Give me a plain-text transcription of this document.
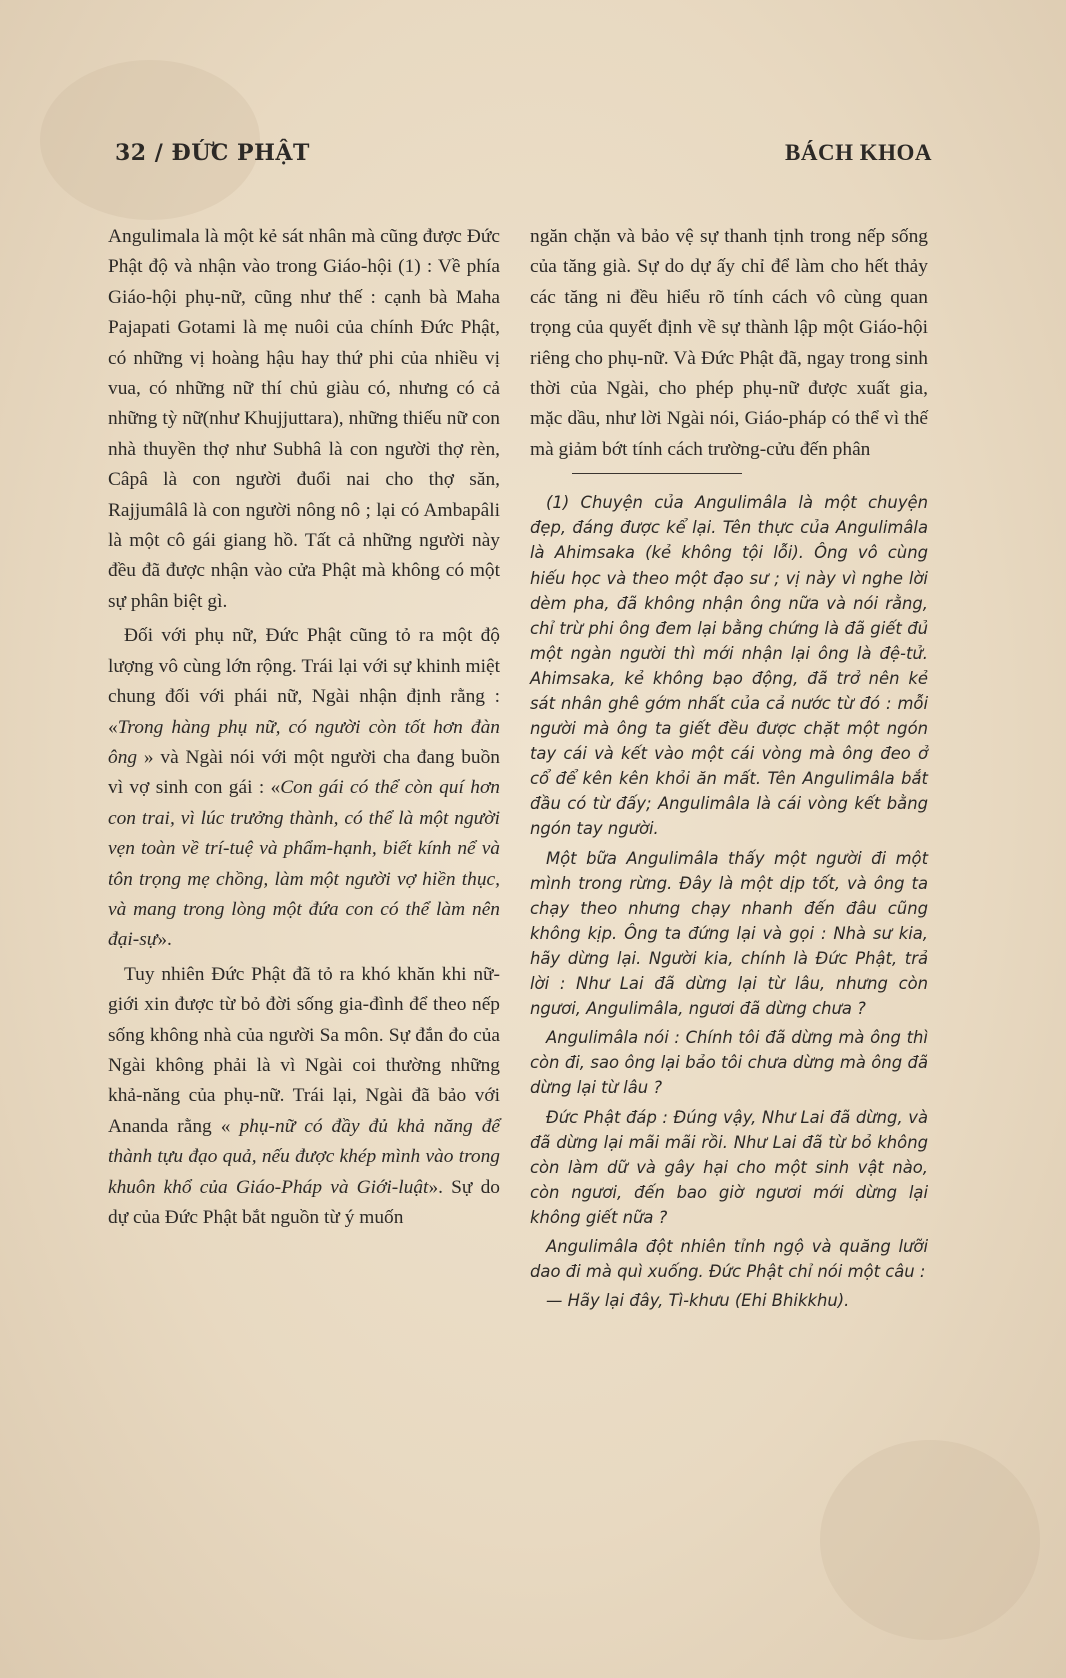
32 / ĐỨC PHẬT	BÁCH KHOA

Angulimala là một kẻ sát nhân mà cũng được Đức Phật độ và nhận vào trong Giáo-hội (1) : Về phía Giáo-hội phụ-nữ, cũng như thế : cạnh bà Maha Pajapati Gotami là mẹ nuôi của chính Đức Phật, có những vị hoàng hậu hay thứ phi của nhiều vị vua, có những nữ thí chủ giàu có, nhưng có cả những tỳ nữ(như Khujjuttara), những thiếu nữ con nhà thuyền thợ như Subhâ là con người thợ rèn, Câpâ là con người đuổi nai cho thợ săn, Rajjumâlâ là con người nông nô ; lại có Ambapâli là một cô gái giang hồ. Tất cả những người này đều đã được nhận vào cửa Phật mà không có một sự phân biệt gì.

Đối với phụ nữ, Đức Phật cũng tỏ ra một độ lượng vô cùng lớn rộng. Trái lại với sự khinh miệt chung đối với phái nữ, Ngài nhận định rằng : «Trong hàng phụ nữ, có người còn tốt hơn đàn ông » và Ngài nói với một người cha đang buồn vì vợ sinh con gái : «Con gái có thể còn quí hơn con trai, vì lúc trưởng thành, có thể là một người vẹn toàn về trí-tuệ và phẩm-hạnh, biết kính nể và tôn trọng mẹ chồng, làm một người vợ hiền thục, và mang trong lòng một đứa con có thể làm nên đại-sự».

Tuy nhiên Đức Phật đã tỏ ra khó khăn khi nữ-giới xin được từ bỏ đời sống gia-đình để theo nếp sống không nhà của người Sa môn. Sự đắn đo của Ngài không phải là vì Ngài coi thường những khả-năng của phụ-nữ. Trái lại, Ngài đã bảo với Ananda rằng « phụ-nữ có đầy đủ khả năng để thành tựu đạo quả, nếu được khép mình vào trong khuôn khổ của Giáo-Pháp và Giới-luật». Sự do dự của Đức Phật bắt nguồn từ ý muốn

ngăn chặn và bảo vệ sự thanh tịnh trong nếp sống của tăng già. Sự do dự ấy chỉ để làm cho hết thảy các tăng ni đều hiểu rõ tính cách vô cùng quan trọng của quyết định về sự thành lập một Giáo-hội riêng cho phụ-nữ. Và Đức Phật đã, ngay trong sinh thời của Ngài, cho phép phụ-nữ được xuất gia, mặc dầu, như lời Ngài nói, Giáo-pháp có thể vì thế mà giảm bớt tính cách trường-cửu đến phân

(1) Chuyện của Angulimâla là một chuyện đẹp, đáng được kể lại. Tên thực của Angulimâla là Ahimsaka (kẻ không tội lỗi). Ông vô cùng hiếu học và theo một đạo sư ; vị này vì nghe lời dèm pha, đã không nhận ông nữa và nói rằng, chỉ trừ phi ông đem lại bằng chứng là đã giết đủ một ngàn người thì mới nhận lại ông là đệ-tử. Ahimsaka, kẻ không bạo động, đã trở nên kẻ sát nhân ghê gớm nhất của cả nước từ đó : mỗi người mà ông ta giết đều được chặt một ngón tay cái và kết vào một cái vòng mà ông đeo ở cổ để kên kên khỏi ăn mất. Tên Angulimâla bắt đầu có từ đấy; Angulimâla là cái vòng kết bằng ngón tay người.

Một bữa Angulimâla thấy một người đi một mình trong rừng. Đây là một dịp tốt, và ông ta chạy theo nhưng chạy nhanh đến đâu cũng không kịp. Ông ta đứng lại và gọi : Nhà sư kia, hãy dừng lại. Người kia, chính là Đức Phật, trả lời : Như Lai đã dừng lại từ lâu, nhưng còn ngươi, Angulimâla, ngươi đã dừng chưa ?

Angulimâla nói : Chính tôi đã dừng mà ông thì còn đi, sao ông lại bảo tôi chưa dừng mà ông đã dừng lại từ lâu ?

Đức Phật đáp : Đúng vậy, Như Lai đã dừng, và đã dừng lại mãi mãi rồi. Như Lai đã từ bỏ không còn làm dữ và gây hại cho một sinh vật nào, còn ngươi, đến bao giờ ngươi mới dừng lại không giết nữa ?

Angulimâla đột nhiên tỉnh ngộ và quăng lưỡi dao đi mà quì xuống. Đức Phật chỉ nói một câu :

— Hãy lại đây, Tì-khưu (Ehi Bhikkhu).
